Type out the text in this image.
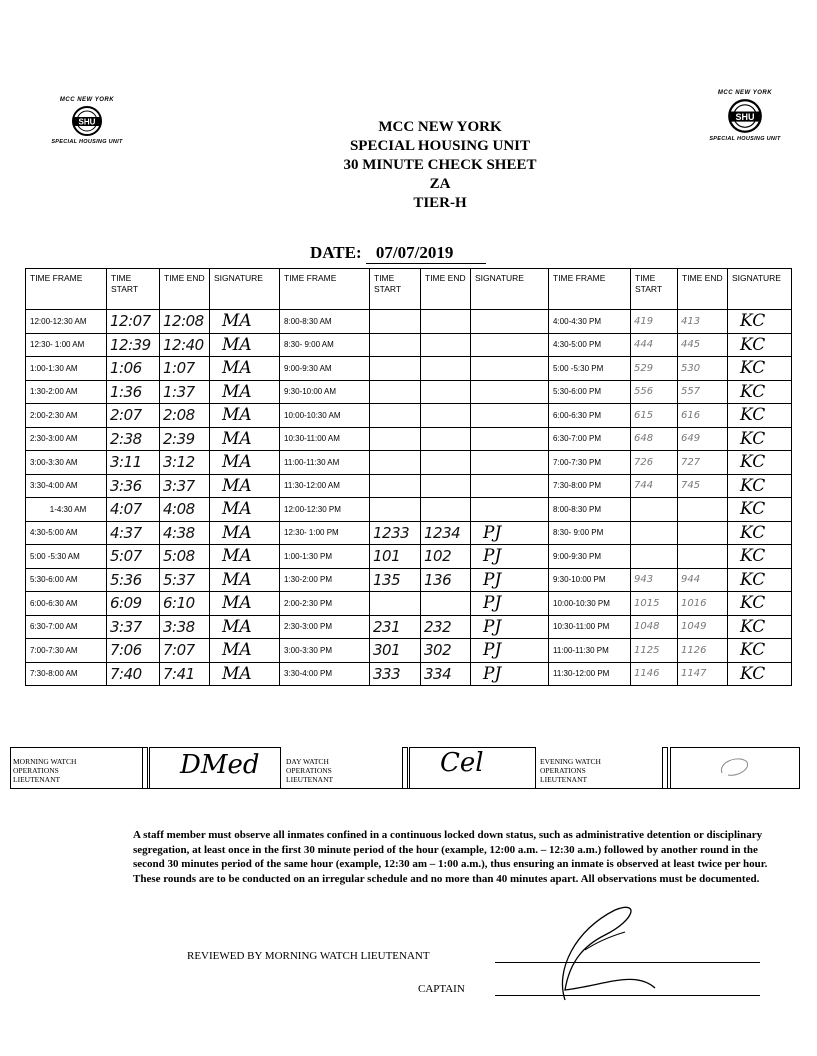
MCC NEW YORK
SHU
SPECIAL HOUSING UNIT
MCC NEW YORK
SHU
SPECIAL HOUSING UNIT
MCC NEW YORK
SPECIAL HOUSING UNIT
30 MINUTE CHECK SHEET
ZA
TIER-H
DATE: 07/07/2019
TIME FRAME	TIME START	TIME END	SIGNATURE	TIME FRAME	TIME START	TIME END	SIGNATURE	TIME FRAME	TIME START	TIME END	SIGNATURE
12:00-12:30 AM	12:07	12:08	MA	8:00-8:30 AM				4:00-4:30 PM	419	413	KC
12:30- 1:00 AM	12:39	12:40	MA	8:30- 9:00 AM				4:30-5:00 PM	444	445	KC
1:00-1:30 AM	1:06	1:07	MA	9:00-9:30 AM				5:00 -5:30 PM	529	530	KC
1:30-2:00 AM	1:36	1:37	MA	9:30-10:00 AM				5:30-6:00 PM	556	557	KC
2:00-2:30 AM	2:07	2:08	MA	10:00-10:30 AM				6:00-6:30 PM	615	616	KC
2:30-3:00 AM	2:38	2:39	MA	10:30-11:00 AM				6:30-7:00 PM	648	649	KC
3:00-3:30 AM	3:11	3:12	MA	11:00-11:30 AM				7:00-7:30 PM	726	727	KC
3:30-4:00 AM	3:36	3:37	MA	11:30-12:00 AM				7:30-8:00 PM	744	745	KC
1-4:30 AM	4:07	4:08	MA	12:00-12:30 PM				8:00-8:30 PM			KC
4:30-5:00 AM	4:37	4:38	MA	12:30- 1:00 PM	1233	1234	PJ	8:30- 9:00 PM			KC
5:00 -5:30 AM	5:07	5:08	MA	1:00-1:30 PM	101	102	PJ	9:00-9:30 PM			KC
5:30-6:00 AM	5:36	5:37	MA	1:30-2:00 PM	135	136	PJ	9:30-10:00 PM	943	944	KC
6:00-6:30 AM	6:09	6:10	MA	2:00-2:30 PM			PJ	10:00-10:30 PM	1015	1016	KC
6:30-7:00 AM	3:37	3:38	MA	2:30-3:00 PM	231	232	PJ	10:30-11:00 PM	1048	1049	KC
7:00-7:30 AM	7:06	7:07	MA	3:00-3:30 PM	301	302	PJ	11:00-11:30 PM	1125	1126	KC
7:30-8:00 AM	7:40	7:41	MA	3:30-4:00 PM	333	334	PJ	11:30-12:00 PM	1146	1147	KC
MORNING WATCH
OPERATIONS
LIEUTENANT	DMed	DAY WATCH
OPERATIONS
LIEUTENANT
Cel	EVENING WATCH
OPERATIONS
LIEUTENANT
A staff member must observe all inmates confined in a continuous locked down status, such as administrative detention or disciplinary segregation, at least once in the first 30 minute period of the hour (example, 12:00 a.m. – 12:30 a.m.) followed by another round in the second 30 minutes period of the same hour (example, 12:30 am – 1:00 a.m.), thus ensuring an inmate is observed at least twice per hour. These rounds are to be conducted on an irregular schedule and no more than 40 minutes apart. All observations must be documented.
REVIEWED BY MORNING WATCH LIEUTENANT
CAPTAIN
